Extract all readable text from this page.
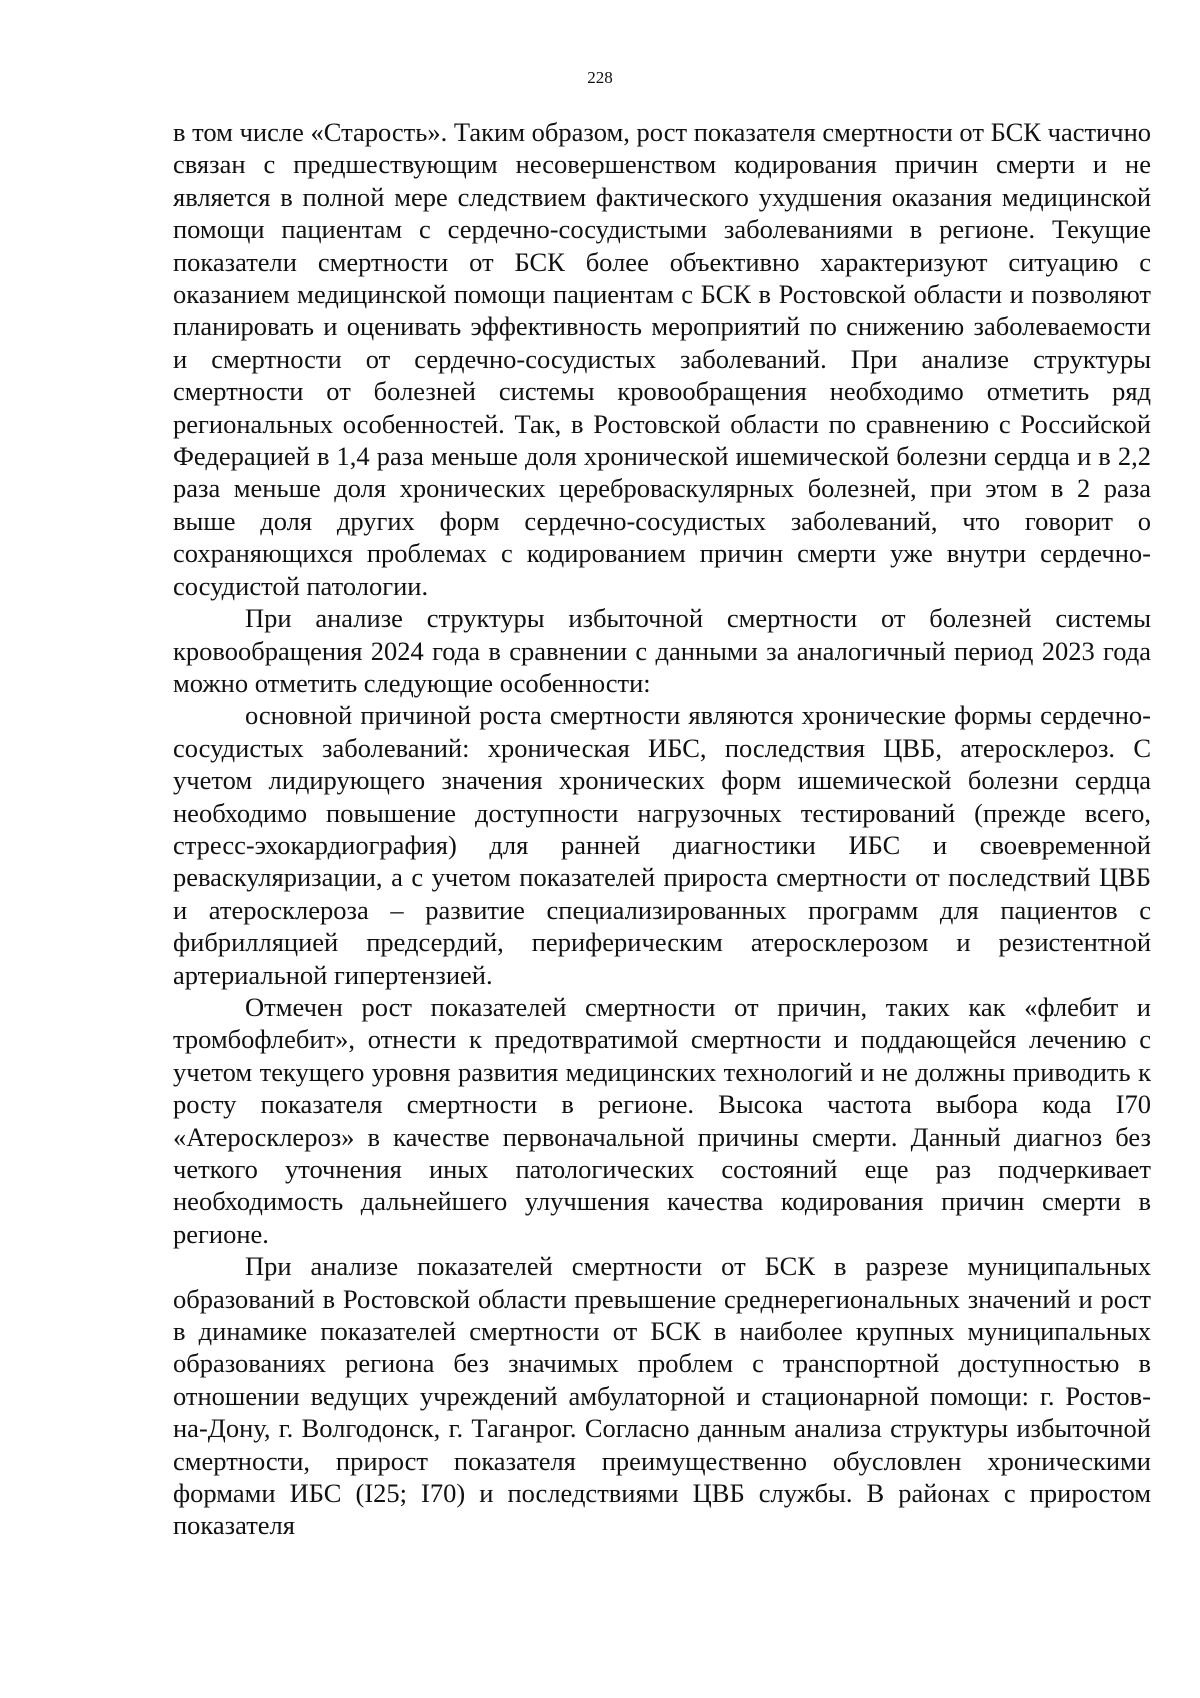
228

в том числе «Старость». Таким образом, рост показателя смертности от БСК частично связан с предшествующим несовершенством кодирования причин смерти и не является в полной мере следствием фактического ухудшения оказания медицинской помощи пациентам с сердечно-сосудистыми заболеваниями в регионе. Текущие показатели смертности от БСК более объективно характеризуют ситуацию с оказанием медицинской помощи пациентам с БСК в Ростовской области и позволяют планировать и оценивать эффективность мероприятий по снижению заболеваемости и смертности от сердечно-сосудистых заболеваний. При анализе структуры смертности от болезней системы кровообращения необходимо отметить ряд региональных особенностей. Так, в Ростовской области по сравнению с Российской Федерацией в 1,4 раза меньше доля хронической ишемической болезни сердца и в 2,2 раза меньше доля хронических цереброваскулярных болезней, при этом в 2 раза выше доля других форм сердечно-сосудистых заболеваний, что говорит о сохраняющихся проблемах с кодированием причин смерти уже внутри сердечно-сосудистой патологии.

При анализе структуры избыточной смертности от болезней системы кровообращения 2024 года в сравнении с данными за аналогичный период 2023 года можно отметить следующие особенности:

основной причиной роста смертности являются хронические формы сердечно-сосудистых заболеваний: хроническая ИБС, последствия ЦВБ, атеросклероз. С учетом лидирующего значения хронических форм ишемической болезни сердца необходимо повышение доступности нагрузочных тестирований (прежде всего, стресс-эхокардиография) для ранней диагностики ИБС и своевременной реваскуляризации, а с учетом показателей прироста смертности от последствий ЦВБ и атеросклероза – развитие специализированных программ для пациентов с фибрилляцией предсердий, периферическим атеросклерозом и резистентной артериальной гипертензией.

Отмечен рост показателей смертности от причин, таких как «флебит и тромбофлебит», отнести к предотвратимой смертности и поддающейся лечению с учетом текущего уровня развития медицинских технологий и не должны приводить к росту показателя смертности в регионе. Высока частота выбора кода I70 «Атеросклероз» в качестве первоначальной причины смерти. Данный диагноз без четкого уточнения иных патологических состояний еще раз подчеркивает необходимость дальнейшего улучшения качества кодирования причин смерти в регионе.

При анализе показателей смертности от БСК в разрезе муниципальных образований в Ростовской области превышение среднерегиональных значений и рост в динамике показателей смертности от БСК в наиболее крупных муниципальных образованиях региона без значимых проблем с транспортной доступностью в отношении ведущих учреждений амбулаторной и стационарной помощи: г. Ростов-на-Дону, г. Волгодонск, г. Таганрог. Согласно данным анализа структуры избыточной смертности, прирост показателя преимущественно обусловлен хроническими формами ИБС (I25; I70) и последствиями ЦВБ службы. В районах с приростом показателя
